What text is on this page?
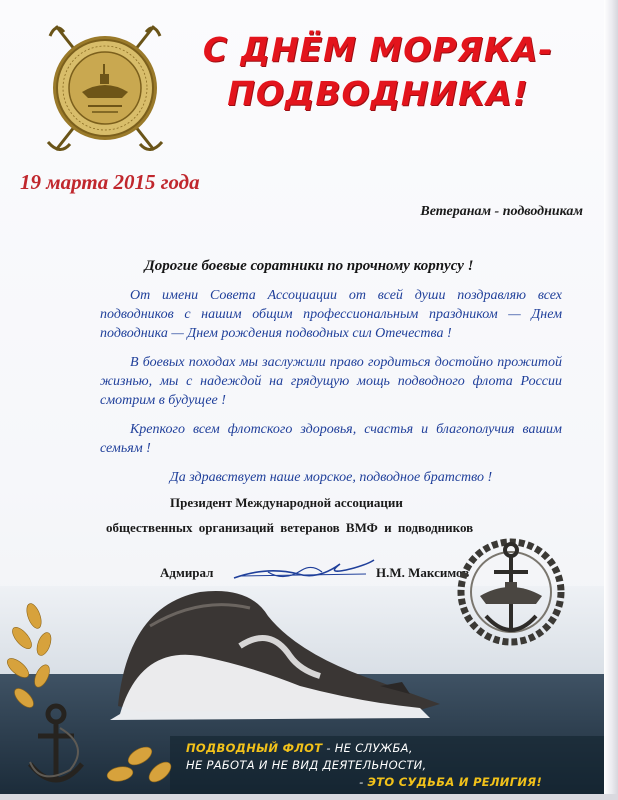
С ДНЁМ МОРЯКА-
ПОДВОДНИКА!
19 марта 2015 года
Ветеранам - подводникам
Дорогие боевые соратники по прочному корпусу !

От имени Совета Ассоциации от всей души поздравляю всех подводников с нашим общим профессиональным праздником — Днем подводника — Днем рождения подводных сил Отечества !

В боевых походах мы заслужили право гордиться достойно прожитой жизнью, мы с надеждой на грядущую мощь подводного флота России смотрим в будущее !

Крепкого всем флотского здоровья, счастья и благополучия вашим семьям !

Да здравствует наше морское, подводное братство !

Президент Международной ассоциации
общественных организаций ветеранов ВМФ и подводников
Адмирал	Н.М. Максимов
ПОДВОДНЫЙ ФЛОТ - НЕ СЛУЖБА,
НЕ РАБОТА И НЕ ВИД ДЕЯТЕЛЬНОСТИ,
- ЭТО СУДЬБА И РЕЛИГИЯ!
